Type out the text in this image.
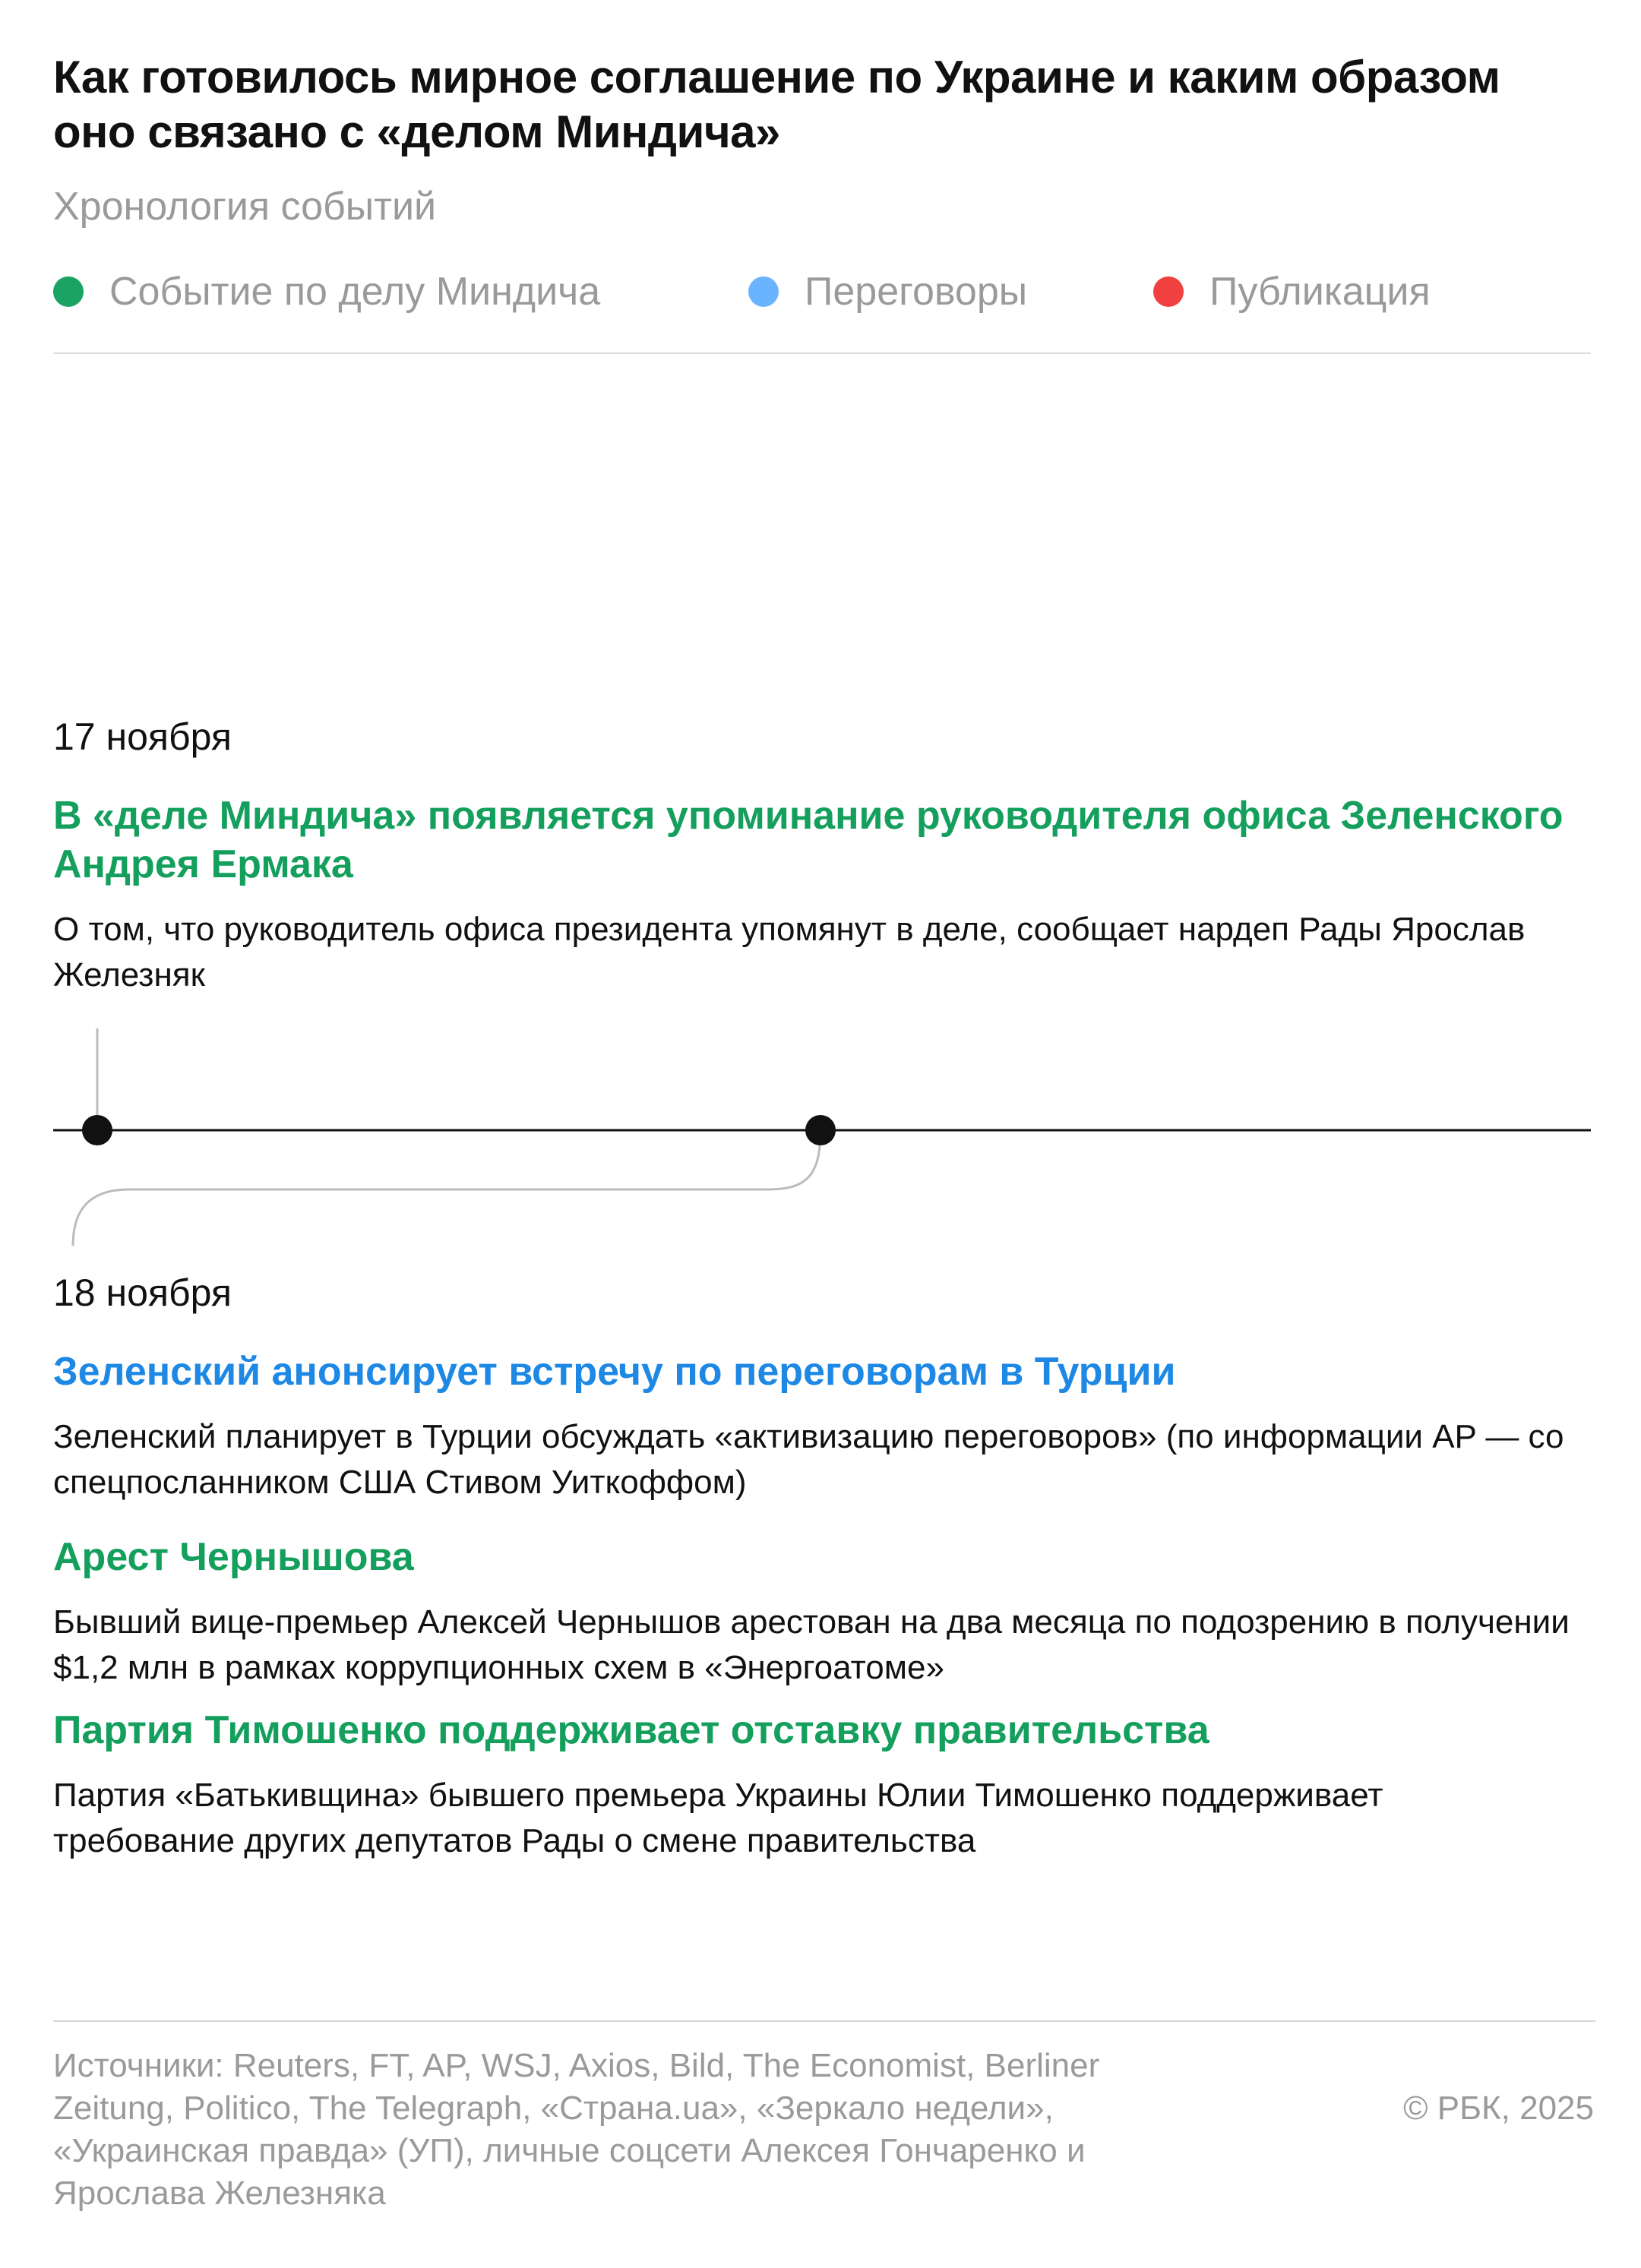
Как готовилось мирное соглашение по Украине и каким образом оно связано с «делом Миндича»
Хронология событий
Событие по делу Миндича	Переговоры	Публикация
17 ноября
В «деле Миндича» появляется упоминание руководителя офиса Зеленского Андрея Ермака
О том, что руководитель офиса президента упомянут в деле, сообщает нардеп Рады Ярослав Железняк
18 ноября
Зеленский анонсирует встречу по переговорам в Турции
Зеленский планирует в Турции обсуждать «активизацию переговоров» (по информации AP — со спецпосланником США Стивом Уиткоффом)
Арест Чернышова
Бывший вице-премьер Алексей Чернышов арестован на два месяца по подозрению в получении $1,2 млн в рамках коррупционных схем в «Энергоатоме»
Партия Тимошенко поддерживает отставку правительства
Партия «Батькивщина» бывшего премьера Украины Юлии Тимошенко поддерживает требование других депутатов Рады о смене правительства
Источники: Reuters, FT, AP, WSJ, Axios, Bild, The Economist, Berliner Zeitung, Politico, The Telegraph, «Страна.ua», «Зеркало недели», «Украинская правда» (УП), личные соцсети Алексея Гончаренко и Ярослава Железняка
© РБК, 2025
